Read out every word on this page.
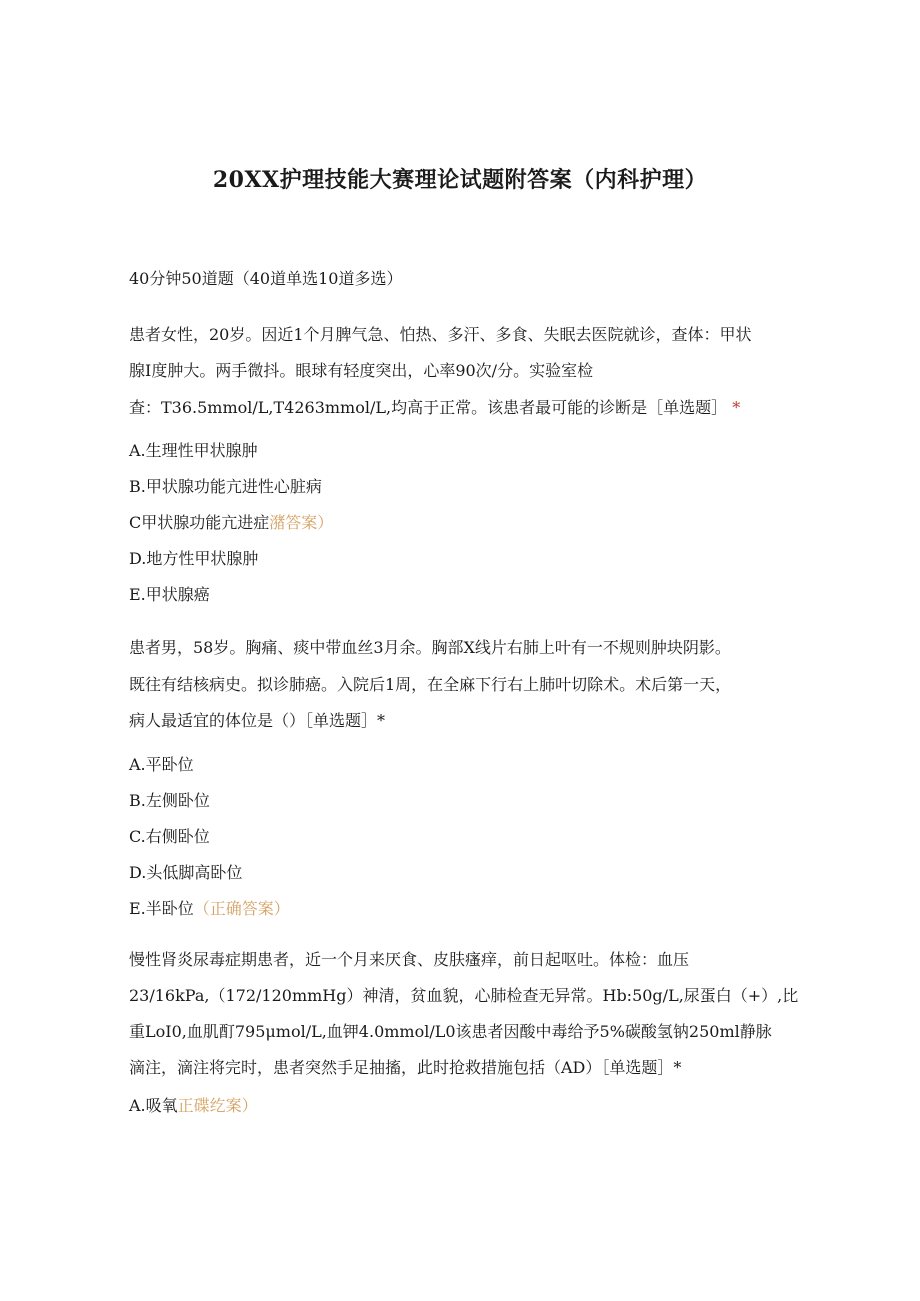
20XX护理技能大赛理论试题附答案（内科护理）
40分钟50道题（40道单选10道多选）
患者女性，20岁。因近1个月脾气急、怕热、多汗、多食、失眠去医院就诊，查体：甲状
腺I度肿大。两手微抖。眼球有轻度突出，心率90次/分。实验室检
查：T36.5mmol/L,T4263mmol/L,均高于正常。该患者最可能的诊断是［单选题］ *
A.生理性甲状腺肿
B.甲状腺功能亢进性心脏病
C甲状腺功能亢进症潴答案）
D.地方性甲状腺肿
E.甲状腺癌
患者男，58岁。胸痛、痰中带血丝3月余。胸部X线片右肺上叶有一不规则肿块阴影。
既往有结核病史。拟诊肺癌。入院后1周，在全麻下行右上肺叶切除术。术后第一天，
病人最适宜的体位是（）［单选题］*
A.平卧位
B.左侧卧位
C.右侧卧位
D.头低脚高卧位
E.半卧位（正确答案）
慢性肾炎尿毒症期患者，近一个月来厌食、皮肤瘙痒，前日起呕吐。体检：血压
23/16kPa,（172/120mmHg）神清，贫血貌，心肺检查无异常。Hb:50g/L,尿蛋白（+）,比
重LoI0,血肌酊795μmol/L,血钾4.0mmol/L0该患者因酸中毒给予5%碳酸氢钠250ml静脉
滴注，滴注将完时，患者突然手足抽搐，此时抢救措施包括（AD）［单选题］*
A.吸氧正碟纥案）
